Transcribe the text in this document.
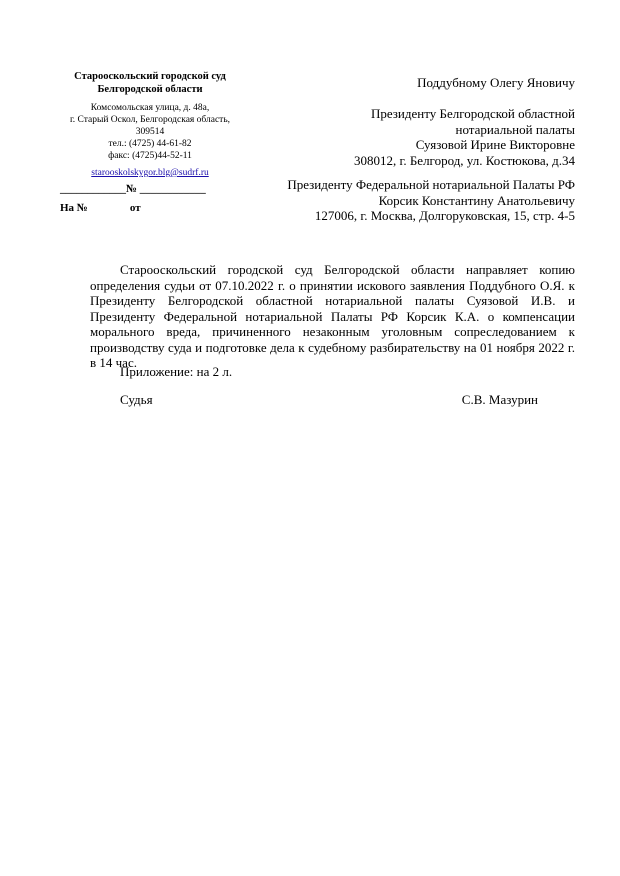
Старооскольский городской суд
Белгородской области
Комсомольская улица, д. 48а,
г. Старый Оскол, Белгородская область,
309514
тел.: (4725) 44-61-82
факс: (4725)44-52-11
starooskolskygor.blg@sudrf.ru
____________№ ____________
На №	от
Поддубному Олегу Яновичу
Президенту Белгородской областной
нотариальной палаты
Суязовой Ирине Викторовне
308012, г. Белгород, ул. Костюкова, д.34
Президенту Федеральной нотариальной Палаты РФ
Корсик Константину Анатольевичу
127006, г. Москва, Долгоруковская, 15, стр. 4-5
Старооскольский городской суд Белгородской области направляет копию определения судьи от 07.10.2022 г. о принятии искового заявления Поддубного О.Я. к Президенту Белгородской областной нотариальной палаты Суязовой И.В. и Президенту Федеральной нотариальной Палаты РФ Корсик К.А. о компенсации морального вреда, причиненного незаконным уголовным сопреследованием к производству суда и подготовке дела к судебному разбирательству на 01 ноября 2022 г. в 14 час.
Приложение: на 2 л.
Судья	С.В. Мазурин
